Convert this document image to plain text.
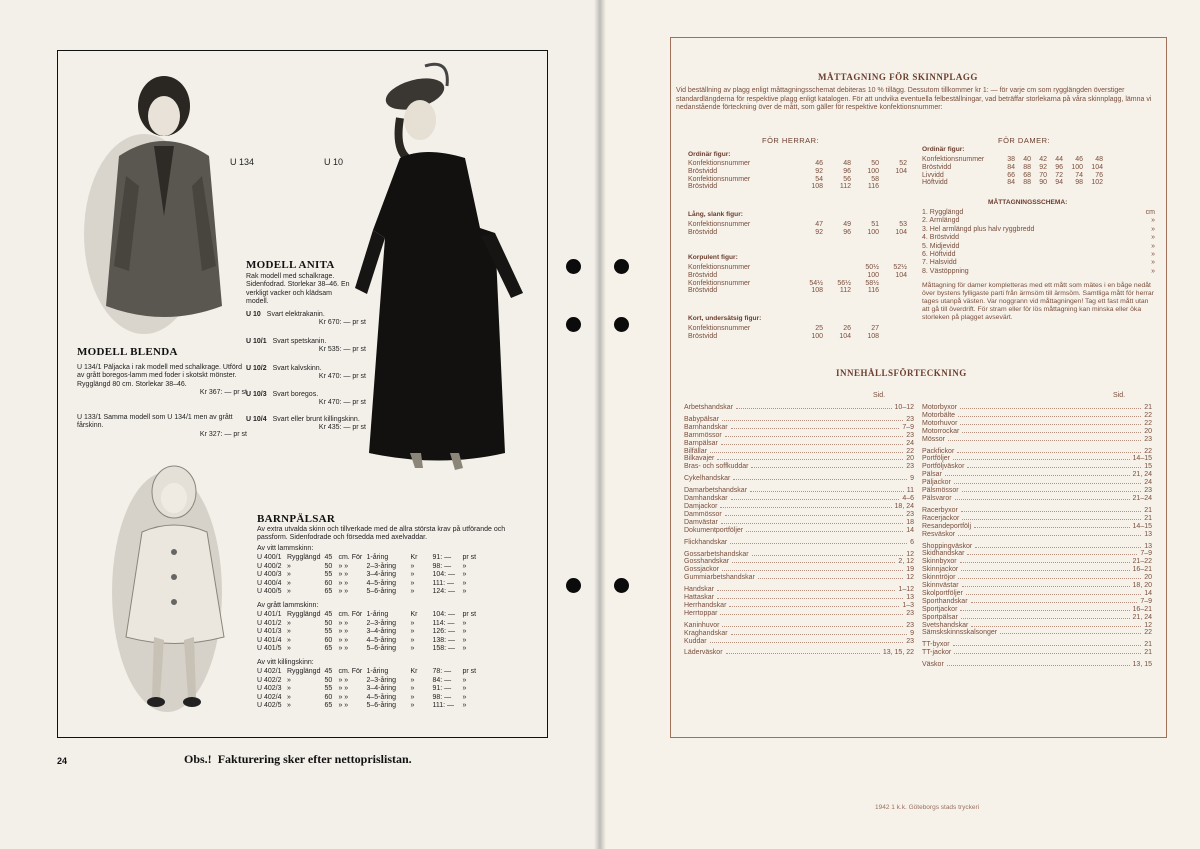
U 134	U 10
MODELL BLENDA
U 134/1 Päljacka i rak modell med schalkrage. Utförd av grått boregos-lamm med foder i skotskt mönster. Rygglängd 80 cm. Storlekar 38–46.
Kr 367: — pr st
U 133/1 Samma modell som U 134/1 men av grått fårskinn.
Kr 327: — pr st
MODELL ANITA
Rak modell med schalkrage. Sidenfodrad. Storlekar 38–46. En verkligt vacker och klädsam modell.
U 10 Svart elektrakanin.
Kr 670: — pr st
U 10/1 Svart spetskanin.
Kr 535: — pr st
U 10/2 Svart kalvskinn.
Kr 470: — pr st
U 10/3 Svart boregos.
Kr 470: — pr st
U 10/4 Svart eller brunt killingskinn.
Kr 435: — pr st
BARNPÄLSAR
Av extra utvalda skinn och tillverkade med de allra största krav på utförande och passform. Sidenfodrade och försedda med axelvaddar.
Av vitt lammskinn:
U 400/1	Rygglängd	45	cm. För	1-åring	Kr	91: —	pr st
U 400/2	»	50	» »	2–3-åring	»	98: —	»
U 400/3	»	55	» »	3–4-åring	»	104: —	»
U 400/4	»	60	» »	4–5-åring	»	111: —	»
U 400/5	»	65	» »	5–6-åring	»	124: —	»
Av grått lammskinn:
U 401/1	Rygglängd	45	cm. För	1-åring	Kr	104: —	pr st
U 401/2	»	50	» »	2–3-åring	»	114: —	»
U 401/3	»	55	» »	3–4-åring	»	126: —	»
U 401/4	»	60	» »	4–5-åring	»	138: —	»
U 401/5	»	65	» »	5–6-åring	»	158: —	»
Av vitt killingskinn:
U 402/1	Rygglängd	45	cm. För	1-åring	Kr	78: —	pr st
U 402/2	»	50	» »	2–3-åring	»	84: —	»
U 402/3	»	55	» »	3–4-åring	»	91: —	»
U 402/4	»	60	» »	4–5-åring	»	98: —	»
U 402/5	»	65	» »	5–6-åring	»	111: —	»
24	Obs.! Fakturering sker efter nettoprislistan.
MÅTTAGNING FÖR SKINNPLAGG
Vid beställning av plagg enligt måttagningsschemat debiteras 10 % tillägg. Dessutom tillkommer kr 1: — för varje cm som rygglängden överstiger standardlängderna för respektive plagg enligt katalogen. För att undvika eventuella felbeställningar, vad beträffar storlekarna på våra skinnplagg, lämna vi nedanstående förteckning över de mått, som gäller för respektive konfektionsnummer:
FÖR HERRAR:	FÖR DAMER:
Ordinär figur:
Konfektionsnummer	46	48	50	52
Bröstvidd	92	96	100	104
Konfektionsnummer	54	56	58	
Bröstvidd	108	112	116	
Lång, slank figur:
Konfektionsnummer	47	49	51	53
Bröstvidd	92	96	100	104
Korpulent figur:
Konfektionsnummer			50½	52½
Bröstvidd			100	104
Konfektionsnummer	54½	56½	58½	
Bröstvidd	108	112	116	
Kort, undersätsig figur:
Konfektionsnummer	25	26	27	
Bröstvidd	100	104	108	
Ordinär figur:
Konfektionsnummer	38	40	42	44	46	48
Bröstvidd	84	88	92	96	100	104
Livvidd	66	68	70	72	74	76
Höftvidd	84	88	90	94	98	102
MÅTTAGNINGSSCHEMA:
1. Rygglängd	cm
2. Armlängd	»
3. Hel armlängd plus halv ryggbredd	»
4. Bröstvidd	»
5. Midjevidd	»
6. Höftvidd	»
7. Halsvidd	»
8. Västöppning	»
Måttagning för damer kompletteras med ett mått som mätes i en båge nedåt över bystens fylligaste parti från ärmsöm till ärmsöm. Samtliga mått för herrar tages utanpå västen. Var noggrann vid måttagningen! Tag ett fast mått utan att gå till överdrift. För stram eller för lös måttagning kan minska eller öka storleken på plagget avsevärt.
INNEHÅLLSFÖRTECKNING
Sid.	Sid.
Arbetshandskar	10–12
Babypälsar	23
Barnhandskar	7–9
Barnmössor	23
Barnpälsar	24
Bilfällar	22
Bilkavajer	20
Bras- och soffkuddar	23
Cykelhandskar	9
Damarbetshandskar	11
Damhandskar	4–6
Damjackor	18, 24
Dammössor	23
Damvästar	18
Dokumentportföljer	14
Flickhandskar	6
Gossarbetshandskar	12
Gosshandskar	2, 12
Gossjackor	19
Gummiarbetshandskar	12
Handskar	1–12
Hattaskar	13
Herrhandskar	1–3
Herrtoppar	23
Kaninhuvor	23
Kraghandskar	9
Kuddar	23
Läderväskor	13, 15, 22
Motorbyxor	21
Motorbälte	22
Motorhuvor	22
Motorrockar	20
Mössor	23
Packfickor	22
Portföljer	14–15
Portföljväskor	15
Pälsar	21, 24
Päljackor	24
Pälsmössor	23
Pälsvaror	21–24
Racerbyxor	21
Racerjackor	21
Resandeportfölj	14–15
Resväskor	13
Shoppingväskor	13
Skidhandskar	7–9
Skinnbyxor	21–22
Skinnjackor	16–21
Skinntröjor	20
Skinnvästar	18, 20
Skolportföljer	14
Sporthandskar	7–9
Sportjackor	16–21
Sportpälsar	21, 24
Svetshandskar	12
Sämskskinnsskalsonger	22
TT-byxor	21
TT-jackor	21
Väskor	13, 15
1942 1 k.k. Göteborgs stads tryckeri
